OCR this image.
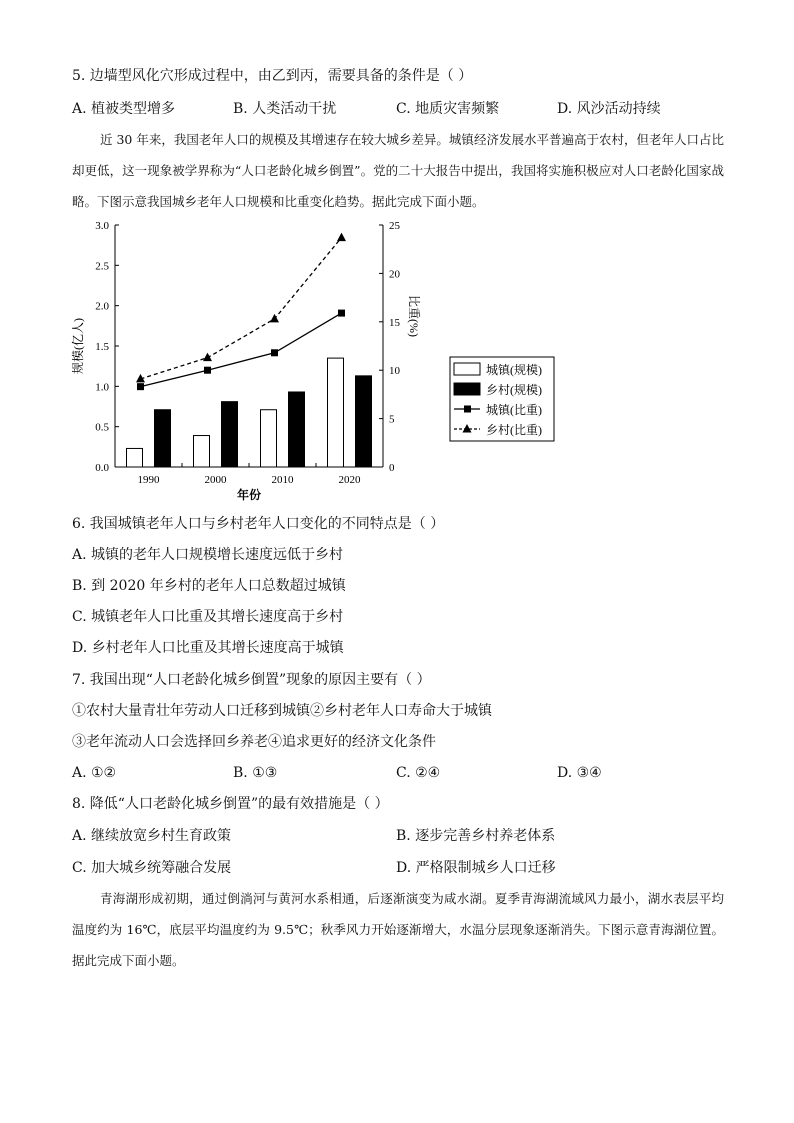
5. 边墙型风化穴形成过程中，由乙到丙，需要具备的条件是（ ）
A. 植被类型增多	B. 人类活动干扰	C. 地质灾害频繁	D. 风沙活动持续
近 30 年来，我国老年人口的规模及其增速存在较大城乡差异。城镇经济发展水平普遍高于农村，但老年人口占比却更低，这一现象被学界称为“人口老龄化城乡倒置”。党的二十大报告中提出，我国将实施积极应对人口老龄化国家战略。下图示意我国城乡老年人口规模和比重变化趋势。据此完成下面小题。
0.0
0.5
1.0
1.5
2.0
2.5
3.0
0
5
10
15
20
25
1990	2000	2010	2020
年份
规模(亿人)
比重(%)
城镇(规模)
乡村(规模)
城镇(比重)
乡村(比重)
6. 我国城镇老年人口与乡村老年人口变化的不同特点是（ ）
A. 城镇的老年人口规模增长速度远低于乡村
B. 到 2020 年乡村的老年人口总数超过城镇
C. 城镇老年人口比重及其增长速度高于乡村
D. 乡村老年人口比重及其增长速度高于城镇
7. 我国出现“人口老龄化城乡倒置”现象的原因主要有（ ）
①农村大量青壮年劳动人口迁移到城镇②乡村老年人口寿命大于城镇
③老年流动人口会选择回乡养老④追求更好的经济文化条件
A. ①②	B. ①③	C. ②④	D. ③④
8. 降低“人口老龄化城乡倒置”的最有效措施是（ ）
A. 继续放宽乡村生育政策	B. 逐步完善乡村养老体系
C. 加大城乡统筹融合发展	D. 严格限制城乡人口迁移
青海湖形成初期，通过倒淌河与黄河水系相通，后逐渐演变为咸水湖。夏季青海湖流域风力最小，湖水表层平均温度约为 16℃，底层平均温度约为 9.5℃；秋季风力开始逐渐增大，水温分层现象逐渐消失。下图示意青海湖位置。据此完成下面小题。
